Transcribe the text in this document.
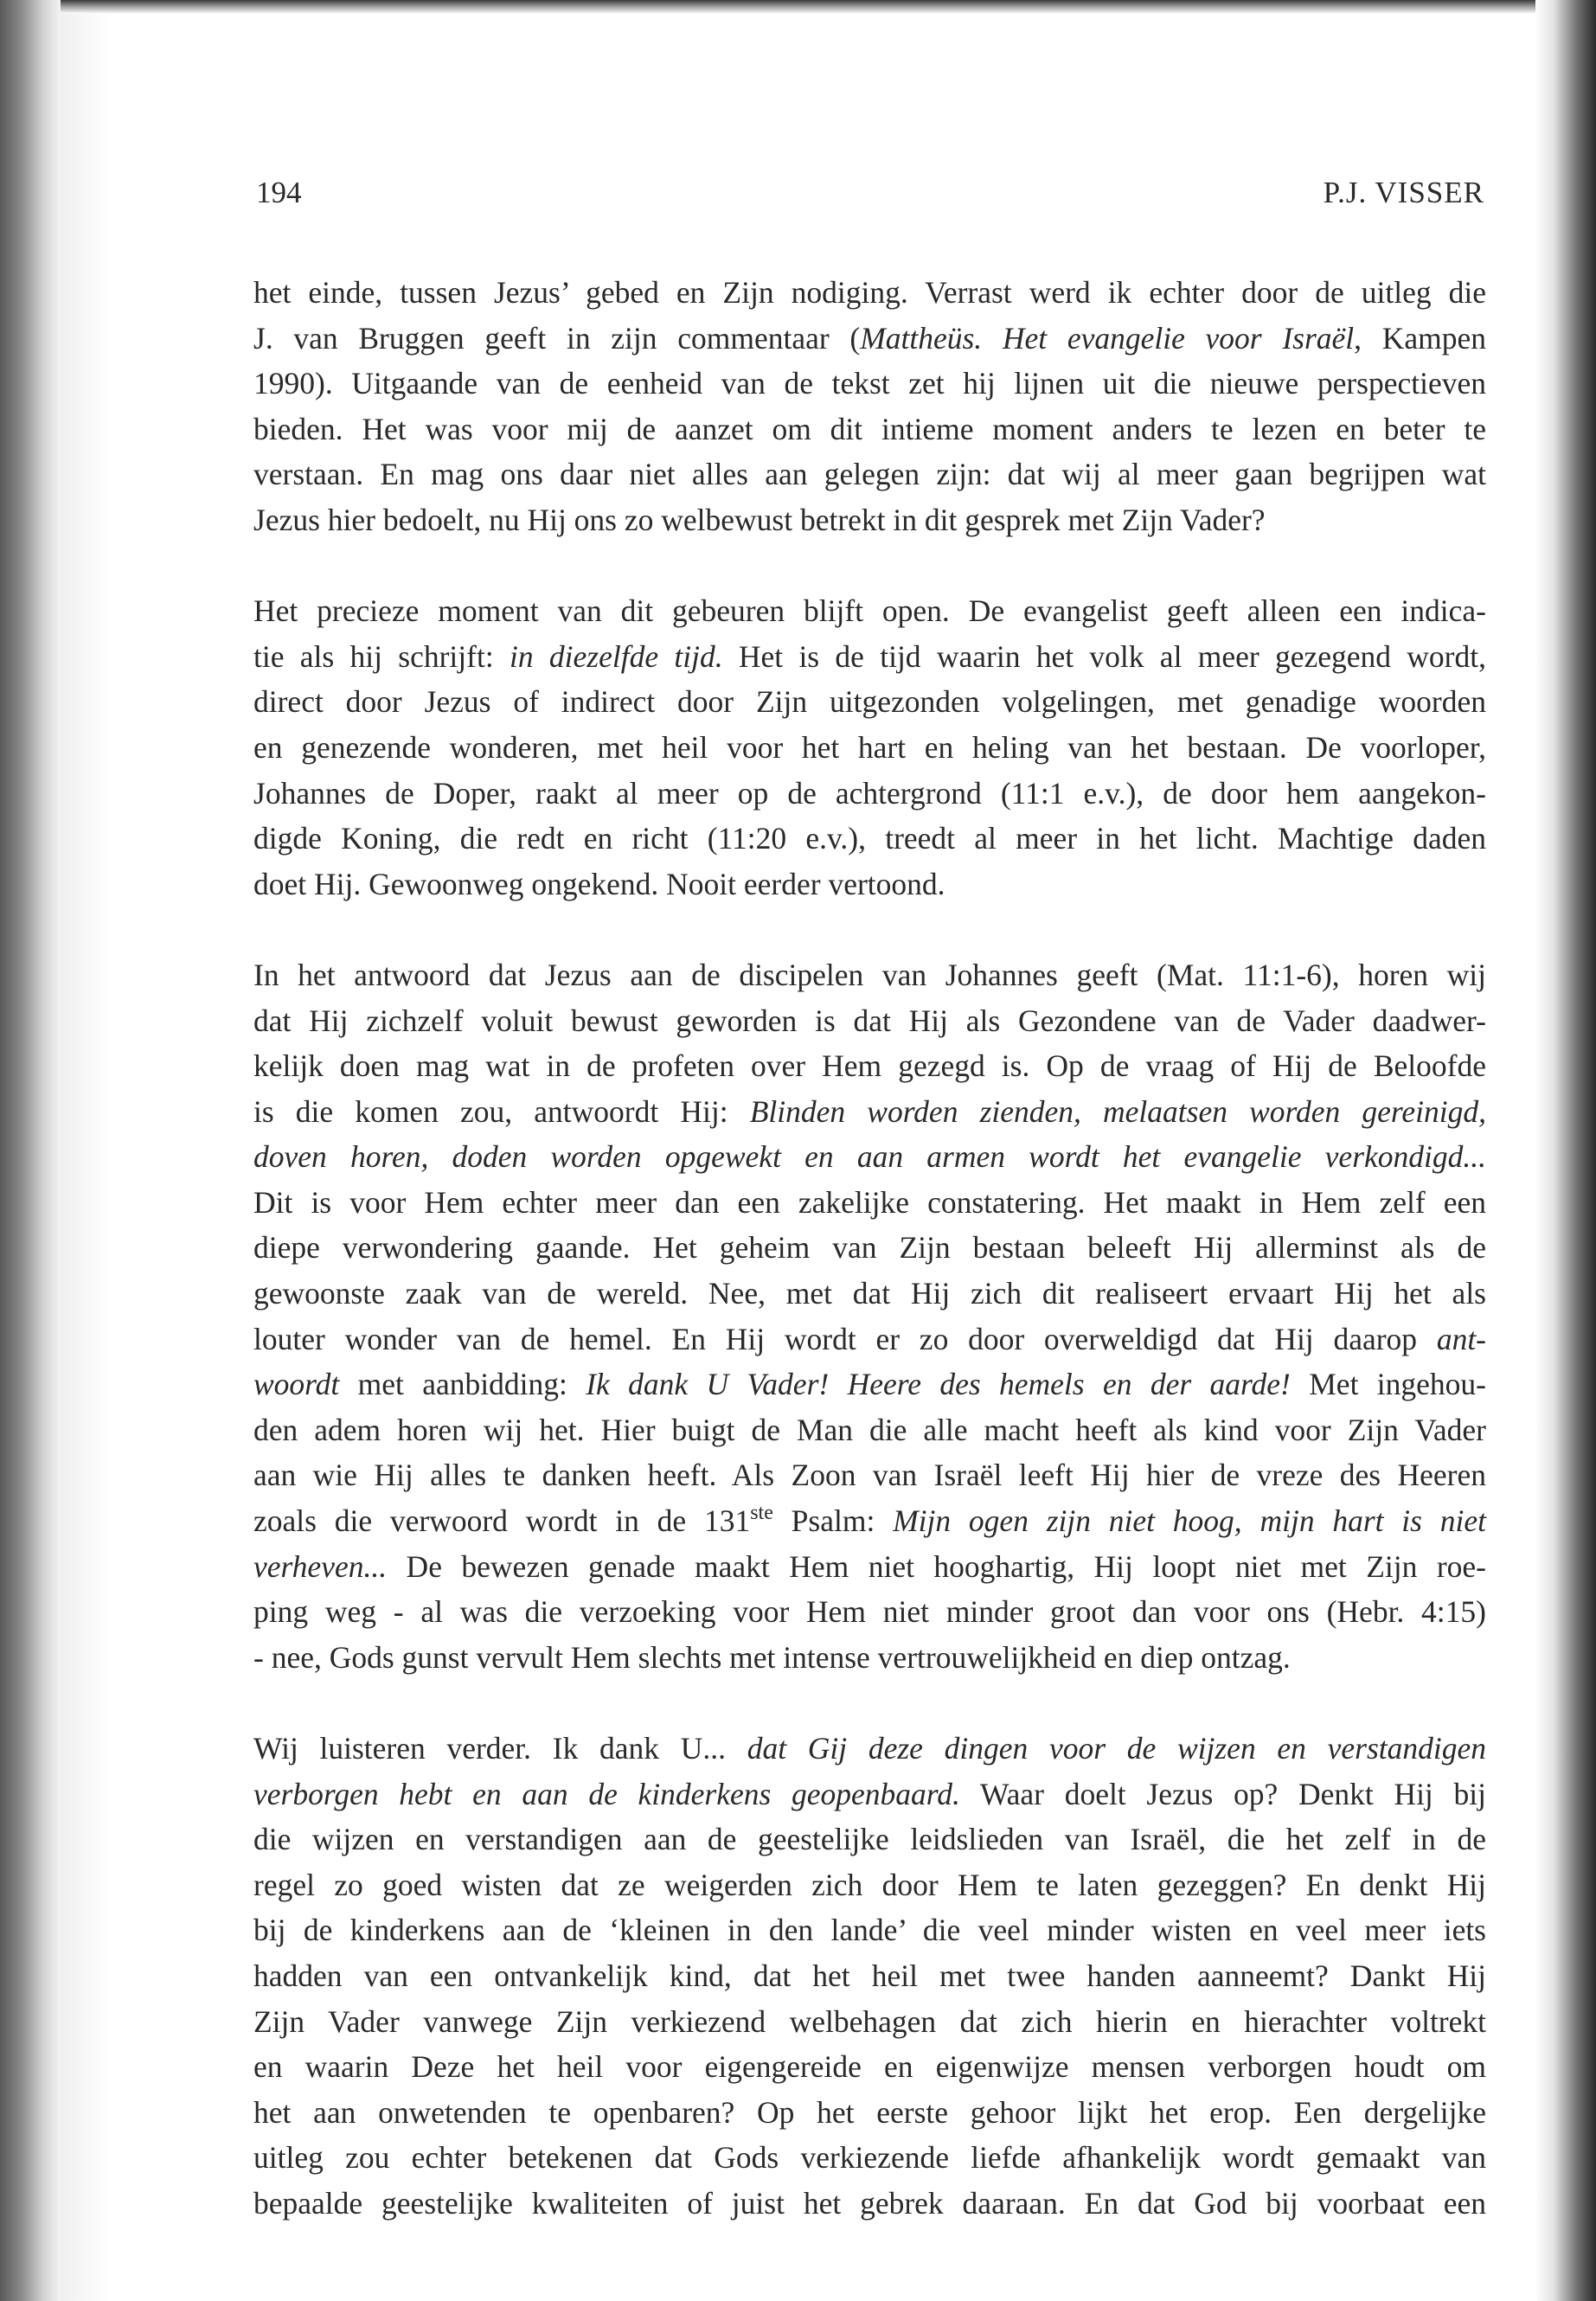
194	P.J. VISSER
het einde, tussen Jezus’ gebed en Zijn nodiging. Verrast werd ik echter door de uitleg die
J. van Bruggen geeft in zijn commentaar (Mattheüs. Het evangelie voor Israël, Kampen
1990). Uitgaande van de eenheid van de tekst zet hij lijnen uit die nieuwe perspectieven
bieden. Het was voor mij de aanzet om dit intieme moment anders te lezen en beter te
verstaan. En mag ons daar niet alles aan gelegen zijn: dat wij al meer gaan begrijpen wat
Jezus hier bedoelt, nu Hij ons zo welbewust betrekt in dit gesprek met Zijn Vader?
Het precieze moment van dit gebeuren blijft open. De evangelist geeft alleen een indica-
tie als hij schrijft: in diezelfde tijd. Het is de tijd waarin het volk al meer gezegend wordt,
direct door Jezus of indirect door Zijn uitgezonden volgelingen, met genadige woorden
en genezende wonderen, met heil voor het hart en heling van het bestaan. De voorloper,
Johannes de Doper, raakt al meer op de achtergrond (11:1 e.v.), de door hem aangekon-
digde Koning, die redt en richt (11:20 e.v.), treedt al meer in het licht. Machtige daden
doet Hij. Gewoonweg ongekend. Nooit eerder vertoond.
In het antwoord dat Jezus aan de discipelen van Johannes geeft (Mat. 11:1-6), horen wij
dat Hij zichzelf voluit bewust geworden is dat Hij als Gezondene van de Vader daadwer-
kelijk doen mag wat in de profeten over Hem gezegd is. Op de vraag of Hij de Beloofde
is die komen zou, antwoordt Hij: Blinden worden zienden, melaatsen worden gereinigd,
doven horen, doden worden opgewekt en aan armen wordt het evangelie verkondigd...
Dit is voor Hem echter meer dan een zakelijke constatering. Het maakt in Hem zelf een
diepe verwondering gaande. Het geheim van Zijn bestaan beleeft Hij allerminst als de
gewoonste zaak van de wereld. Nee, met dat Hij zich dit realiseert ervaart Hij het als
louter wonder van de hemel. En Hij wordt er zo door overweldigd dat Hij daarop ant-
woordt met aanbidding: Ik dank U Vader! Heere des hemels en der aarde! Met ingehou-
den adem horen wij het. Hier buigt de Man die alle macht heeft als kind voor Zijn Vader
aan wie Hij alles te danken heeft. Als Zoon van Israël leeft Hij hier de vreze des Heeren
zoals die verwoord wordt in de 131ste Psalm: Mijn ogen zijn niet hoog, mijn hart is niet
verheven... De bewezen genade maakt Hem niet hooghartig, Hij loopt niet met Zijn roe-
ping weg - al was die verzoeking voor Hem niet minder groot dan voor ons (Hebr. 4:15)
- nee, Gods gunst vervult Hem slechts met intense vertrouwelijkheid en diep ontzag.
Wij luisteren verder. Ik dank U... dat Gij deze dingen voor de wijzen en verstandigen
verborgen hebt en aan de kinderkens geopenbaard. Waar doelt Jezus op? Denkt Hij bij
die wijzen en verstandigen aan de geestelijke leidslieden van Israël, die het zelf in de
regel zo goed wisten dat ze weigerden zich door Hem te laten gezeggen? En denkt Hij
bij de kinderkens aan de ‘kleinen in den lande’ die veel minder wisten en veel meer iets
hadden van een ontvankelijk kind, dat het heil met twee handen aanneemt? Dankt Hij
Zijn Vader vanwege Zijn verkiezend welbehagen dat zich hierin en hierachter voltrekt
en waarin Deze het heil voor eigengereide en eigenwijze mensen verborgen houdt om
het aan onwetenden te openbaren? Op het eerste gehoor lijkt het erop. Een dergelijke
uitleg zou echter betekenen dat Gods verkiezende liefde afhankelijk wordt gemaakt van
bepaalde geestelijke kwaliteiten of juist het gebrek daaraan. En dat God bij voorbaat een
